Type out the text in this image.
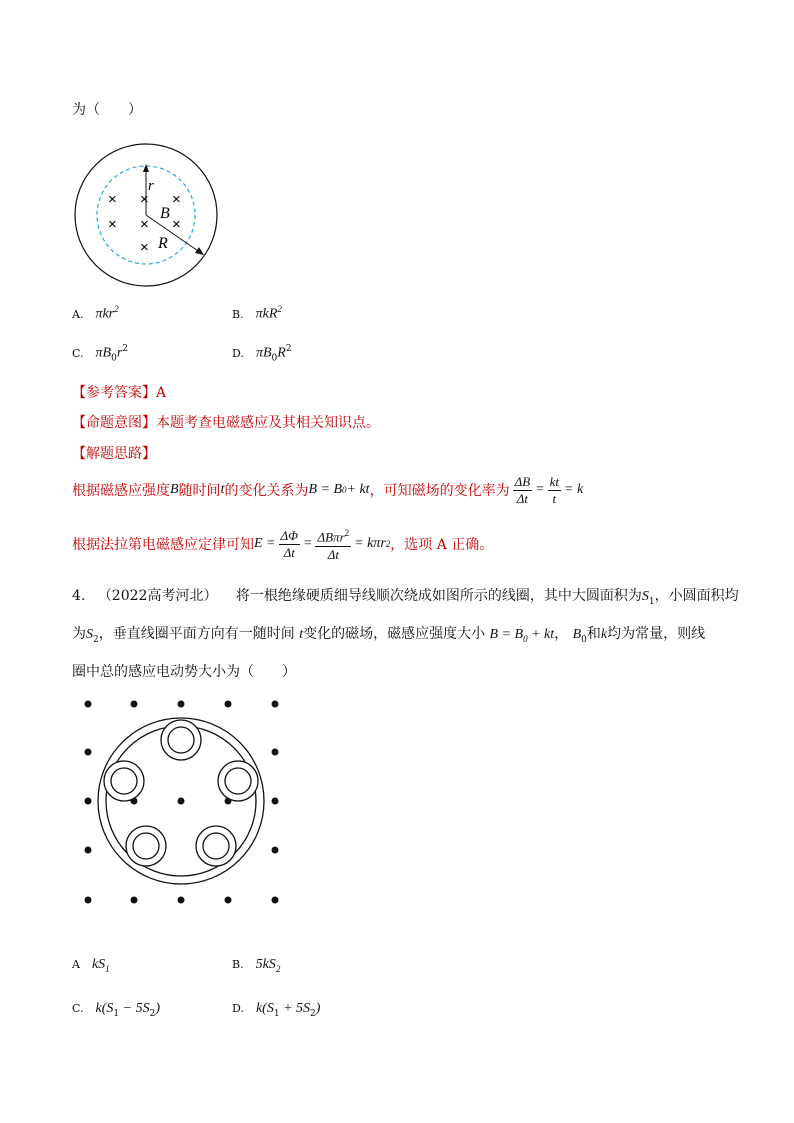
为（　　）
× × ×
× × ×
×
r
B
R
A. πkr$^2$	B. πkR$^2$
C. $\pi B_0r^2$	D. $\pi B_0R^2$
【参考答案】A
【命题意图】本题考查电磁感应及其相关知识点。
【解题思路】
根据磁感应强度 B 随时间 t 的变化关系为 B = B 0 + kt ，可知磁场的变化率为 $\frac{\Delta B}{\Delta t} = \frac{kt}{t} = k$
根据法拉第电磁感应定律可知 $E = \frac{\Delta\Phi}{\Delta t} = \frac{\Delta B\pi r^2}{\Delta t} = k\pi r$ 2 ，选项 A 正确。
4. （2022高考河北） 将一根绝缘硬质细导线顺次绕成如图所示的线圈，其中大圆面积为$S_1$，小圆面积均
为$S_2$，垂直线圈平面方向有一随时间 t变化的磁场，磁感应强度大小 $B = B_0$ + kt， $B_0$和k均为常量，则线
圈中总的感应电动势大小为（　　）
A $kS_1$	B. $5kS_2$
C. $k(S_1 - 5S_2)$	D. $k(S_1 + 5S_2)$
